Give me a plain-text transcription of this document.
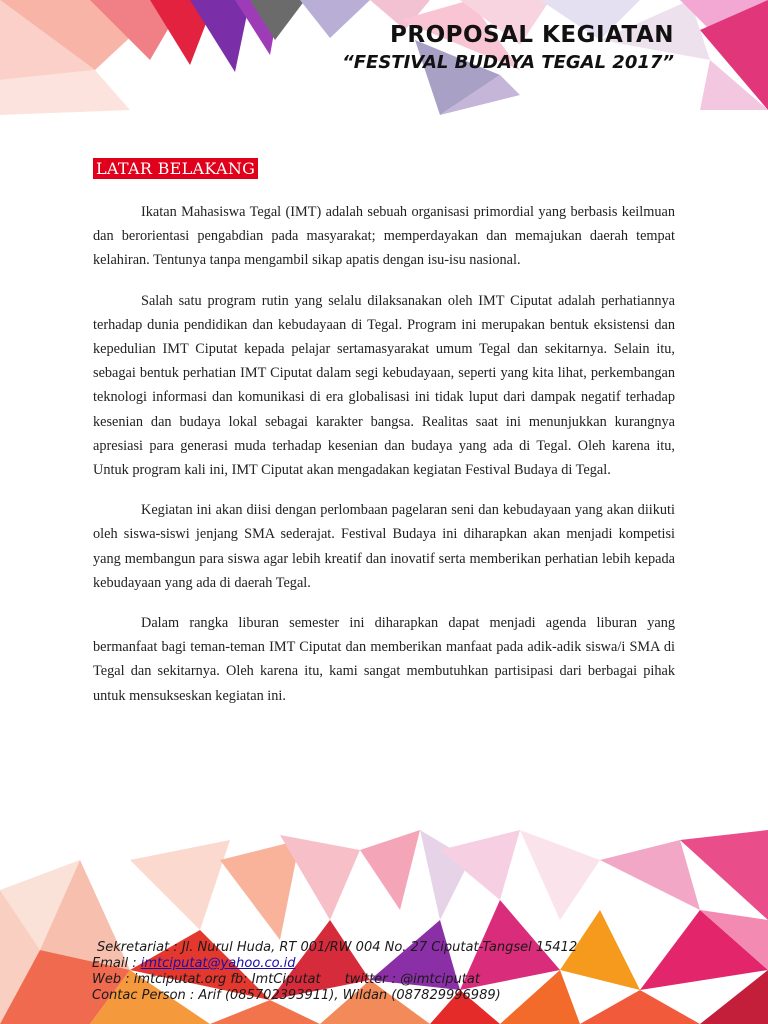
PROPOSAL KEGIATAN
“FESTIVAL BUDAYA TEGAL 2017”
LATAR BELAKANG

Ikatan Mahasiswa Tegal (IMT) adalah sebuah organisasi primordial yang berbasis keilmuan dan berorientasi pengabdian pada masyarakat; memperdayakan dan memajukan daerah tempat kelahiran. Tentunya tanpa mengambil sikap apatis dengan isu-isu nasional.

Salah satu program rutin yang selalu dilaksanakan oleh IMT Ciputat adalah perhatiannya terhadap dunia pendidikan dan kebudayaan di Tegal. Program ini merupakan bentuk eksistensi dan kepedulian IMT Ciputat kepada pelajar sertamasyarakat umum Tegal dan sekitarnya. Selain itu, sebagai bentuk perhatian IMT Ciputat dalam segi kebudayaan, seperti yang kita lihat, perkembangan teknologi informasi dan komunikasi di era globalisasi ini tidak luput dari dampak negatif terhadap kesenian dan budaya lokal sebagai karakter bangsa. Realitas saat ini menunjukkan kurangnya apresiasi para generasi muda terhadap kesenian dan budaya yang ada di Tegal. Oleh karena itu, Untuk program kali ini, IMT Ciputat akan mengadakan kegiatan Festival Budaya di Tegal.

Kegiatan ini akan diisi dengan perlombaan pagelaran seni dan kebudayaan yang akan diikuti oleh siswa-siswi jenjang SMA sederajat. Festival Budaya ini diharapkan akan menjadi kompetisi yang membangun para siswa agar lebih kreatif dan inovatif serta memberikan perhatian lebih kepada kebudayaan yang ada di daerah Tegal.

Dalam rangka liburan semester ini diharapkan dapat menjadi agenda liburan yang bermanfaat bagi teman-teman IMT Ciputat dan memberikan manfaat pada adik-adik siswa/i SMA di Tegal dan sekitarnya. Oleh karena itu, kami sangat membutuhkan partisipasi dari berbagai pihak untuk mensukseskan kegiatan ini.

Sekretariat : Jl. Nurul Huda, RT 001/RW 004 No. 27 Ciputat-Tangsel 15412
Email : imtciputat@yahoo.co.id
Web : imtciputat.org fb: ImtCiputat twitter : @imtciputat
Contac Person : Arif (085702393911), Wildan (087829996989)
